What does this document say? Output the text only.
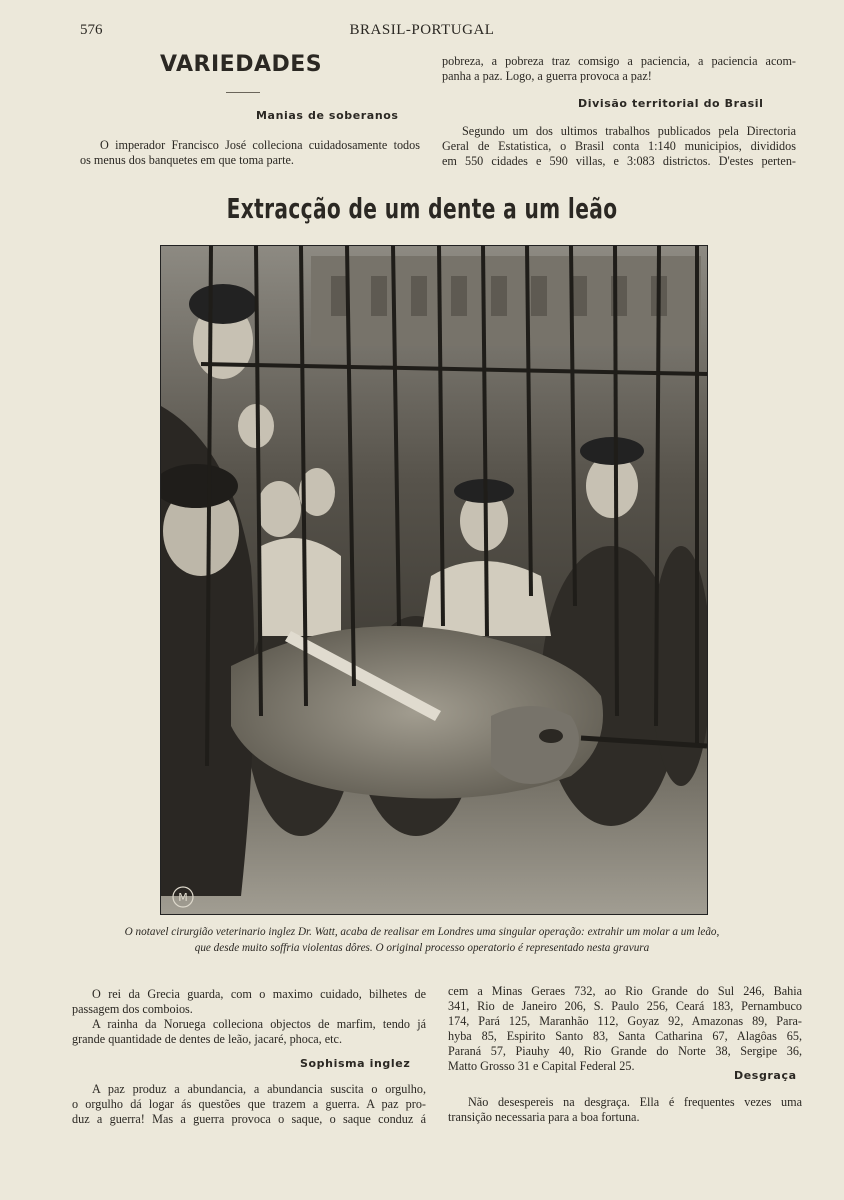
576	BRASIL-PORTUGAL
VARIEDADES
Manias de soberanos
O imperador Francisco José colleciona cuidadosamente todos
os menus dos banquetes em que toma parte.
pobreza, a pobreza traz comsigo a paciencia, a paciencia acom-
panha a paz. Logo, a guerra provoca a paz!
Divisão territorial do Brasil
Segundo um dos ultimos trabalhos publicados pela Directoria
Geral de Estatistica, o Brasil conta 1:140 municipios, divididos
em 550 cidades e 590 villas, e 3:083 districtos. D'estes perten-
Extracção de um dente a um leão
M
O notavel cirurgião veterinario inglez Dr. Watt, acaba de realisar em Londres uma singular operação: extrahir um molar a um leão,
que desde muito soffria violentas dôres. O original processo operatorio é representado nesta gravura
O rei da Grecia guarda, com o maximo cuidado, bilhetes de
passagem dos comboios.
A rainha da Noruega colleciona objectos de marfim, tendo já
grande quantidade de dentes de leão, jacaré, phoca, etc.
Sophisma inglez
A paz produz a abundancia, a abundancia suscita o orgulho,
o orgulho dá logar ás questões que trazem a guerra. A paz pro-
duz a guerra! Mas a guerra provoca o saque, o saque conduz á
cem a Minas Geraes 732, ao Rio Grande do Sul 246, Bahia
341, Rio de Janeiro 206, S. Paulo 256, Ceará 183, Pernambuco
174, Pará 125, Maranhão 112, Goyaz 92, Amazonas 89, Para-
hyba 85, Espirito Santo 83, Santa Catharina 67, Alagôas 65,
Paraná 57, Piauhy 40, Rio Grande do Norte 38, Sergipe 36,
Matto Grosso 31 e Capital Federal 25.
Desgraça
Não desespereis na desgraça. Ella é frequentes vezes uma
transição necessaria para a boa fortuna.
